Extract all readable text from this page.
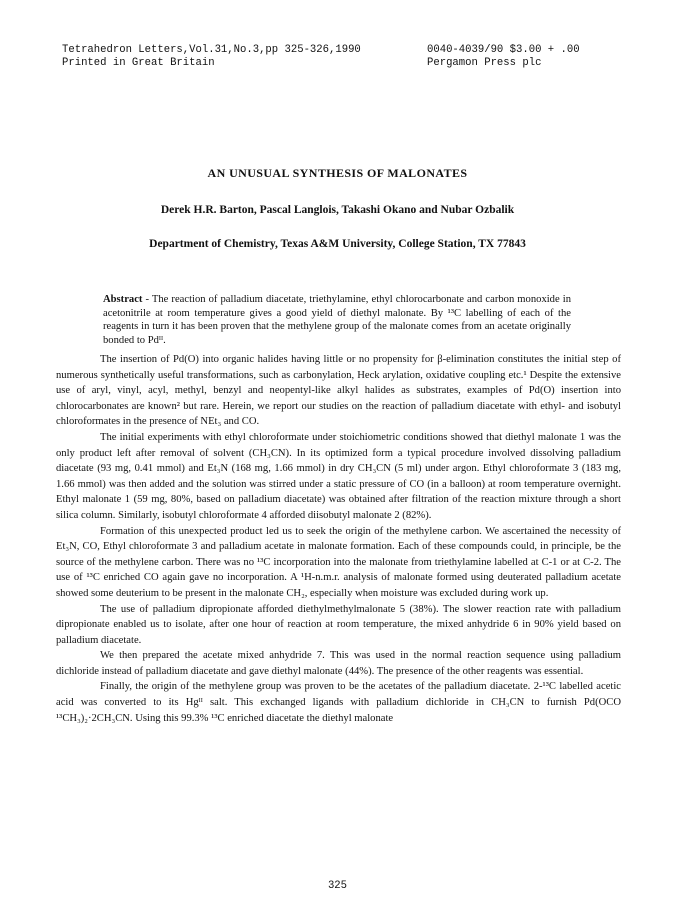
Tetrahedron Letters,Vol.31,No.3,pp 325-326,1990	0040-4039/90 $3.00 + .00
Printed in Great Britain	Pergamon Press plc
AN UNUSUAL SYNTHESIS OF MALONATES
Derek H.R. Barton, Pascal Langlois, Takashi Okano and Nubar Ozbalik
Department of Chemistry, Texas A&M University, College Station, TX 77843
Abstract - The reaction of palladium diacetate, triethylamine, ethyl chlorocarbonate and carbon monoxide in acetonitrile at room temperature gives a good yield of diethyl malonate. By ¹³C labelling of each of the reagents in turn it has been proven that the methylene group of the malonate comes from an acetate originally bonded to Pdᴵᴵ.

The insertion of Pd(O) into organic halides having little or no propensity for β-elimination constitutes the initial step of numerous synthetically useful transformations, such as carbonylation, Heck arylation, oxidative coupling etc.¹ Despite the extensive use of aryl, vinyl, acyl, methyl, benzyl and neopentyl-like alkyl halides as substrates, examples of Pd(O) insertion into chlorocarbonates are known² but rare. Herein, we report our studies on the reaction of palladium diacetate with ethyl- and isobutyl chloroformates in the presence of NEt₃ and CO.

The initial experiments with ethyl chloroformate under stoichiometric conditions showed that diethyl malonate 1 was the only product left after removal of solvent (CH₃CN). In its optimized form a typical procedure involved dissolving palladium diacetate (93 mg, 0.41 mmol) and Et₃N (168 mg, 1.66 mmol) in dry CH₃CN (5 ml) under argon. Ethyl chloroformate 3 (183 mg, 1.66 mmol) was then added and the solution was stirred under a static pressure of CO (in a balloon) at room temperature overnight. Ethyl malonate 1 (59 mg, 80%, based on palladium diacetate) was obtained after filtration of the reaction mixture through a short silica column. Similarly, isobutyl chloroformate 4 afforded diisobutyl malonate 2 (82%).

Formation of this unexpected product led us to seek the origin of the methylene carbon. We ascertained the necessity of Et₃N, CO, Ethyl chloroformate 3 and palladium acetate in malonate formation. Each of these compounds could, in principle, be the source of the methylene carbon. There was no ¹³C incorporation into the malonate from triethylamine labelled at C-1 or at C-2. The use of ¹³C enriched CO again gave no incorporation. A ¹H-n.m.r. analysis of malonate formed using deuterated palladium acetate showed some deuterium to be present in the malonate CH₂, especially when moisture was excluded during work up.

The use of palladium dipropionate afforded diethylmethylmalonate 5 (38%). The slower reaction rate with palladium dipropionate enabled us to isolate, after one hour of reaction at room temperature, the mixed anhydride 6 in 90% yield based on palladium diacetate.

We then prepared the acetate mixed anhydride 7. This was used in the normal reaction sequence using palladium dichloride instead of palladium diacetate and gave diethyl malonate (44%). The presence of the other reagents was essential.

Finally, the origin of the methylene group was proven to be the acetates of the palladium diacetate. 2-¹³C labelled acetic acid was converted to its Hgᴵᴵ salt. This exchanged ligands with palladium dichloride in CH₃CN to furnish Pd(OCO ¹³CH₃)₂·2CH₃CN. Using this 99.3% ¹³C enriched diacetate the diethyl malonate

325
